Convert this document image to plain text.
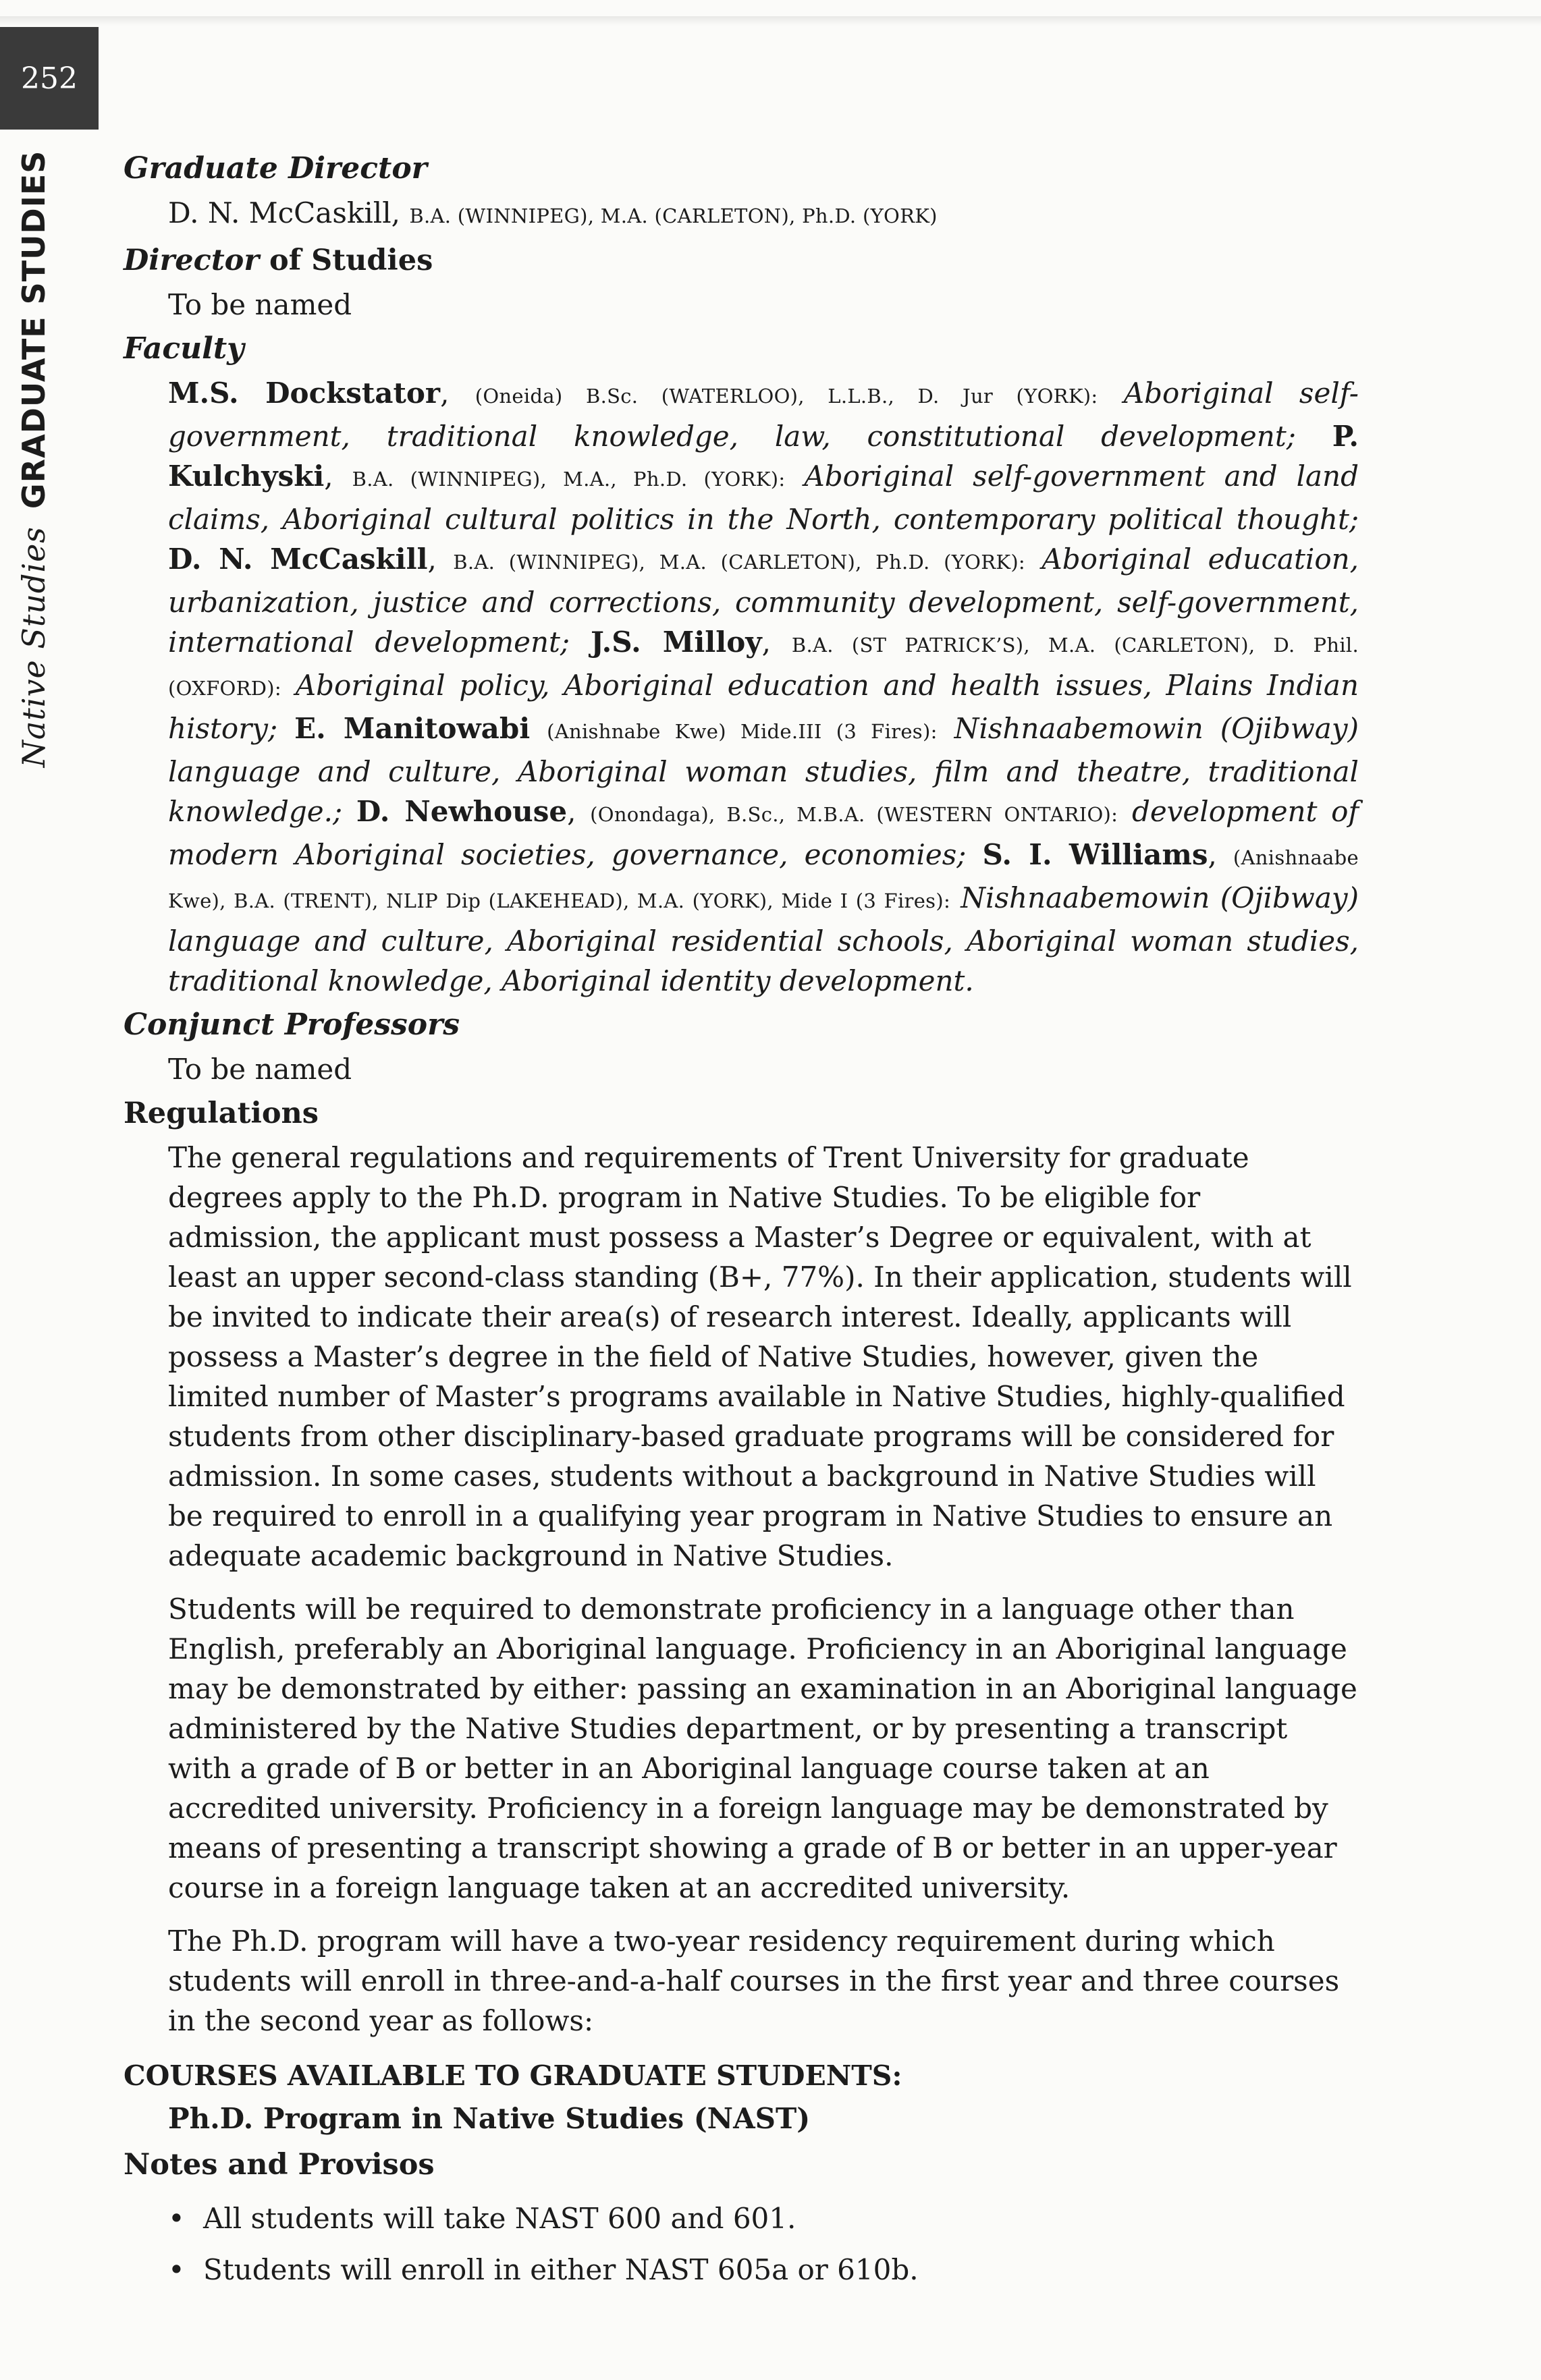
252
Native StudiesGRADUATE STUDIES Graduate Director
D. N. McCaskill, B.A. (WINNIPEG), M.A. (CARLETON), Ph.D. (YORK)
Director of Studies
To be named
Faculty
M.S. Dockstator, (Oneida) B.Sc. (WATERLOO), L.L.B., D. Jur (YORK): Aboriginal self-government, traditional knowledge, law, constitutional development; P. Kulchyski, B.A. (WINNIPEG), M.A., Ph.D. (YORK): Aboriginal self-government and land claims, Aboriginal cultural politics in the North, contemporary political thought; D. N. McCaskill, B.A. (WINNIPEG), M.A. (CARLETON), Ph.D. (YORK): Aboriginal education, urbanization, justice and corrections, community development, self-government, international development; J.S. Milloy, B.A. (ST PATRICK’S), M.A. (CARLETON), D. Phil. (OXFORD): Aboriginal policy, Aboriginal education and health issues, Plains Indian history; E. Manitowabi (Anishnabe Kwe) Mide.III (3 Fires): Nishnaabemowin (Ojibway) language and culture, Aboriginal woman studies, film and theatre, traditional knowledge.; D. Newhouse, (Onondaga), B.Sc., M.B.A. (WESTERN ONTARIO): development of modern Aboriginal societies, governance, economies; S. I. Williams, (Anishnaabe Kwe), B.A. (TRENT), NLIP Dip (LAKEHEAD), M.A. (YORK), Mide I (3 Fires): Nishnaabemowin (Ojibway) language and culture, Aboriginal residential schools, Aboriginal woman studies, traditional knowledge, Aboriginal identity development.
Conjunct Professors
To be named
Regulations

The general regulations and requirements of Trent University for graduate degrees apply to the Ph.D. program in Native Studies. To be eligible for admission, the applicant must possess a Master’s Degree or equivalent, with at least an upper second-class standing (B+, 77%). In their application, students will be invited to indicate their area(s) of research interest. Ideally, applicants will possess a Master’s degree in the field of Native Studies, however, given the limited number of Master’s programs available in Native Studies, highly-qualified students from other disciplinary-based graduate programs will be considered for admission. In some cases, students without a background in Native Studies will be required to enroll in a qualifying year program in Native Studies to ensure an adequate academic background in Native Studies.

Students will be required to demonstrate proficiency in a language other than English, preferably an Aboriginal language. Proficiency in an Aboriginal language may be demonstrated by either: passing an examination in an Aboriginal language administered by the Native Studies department, or by presenting a transcript with a grade of B or better in an Aboriginal language course taken at an accredited university. Proficiency in a foreign language may be demonstrated by means of presenting a transcript showing a grade of B or better in an upper-year course in a foreign language taken at an accredited university.

The Ph.D. program will have a two-year residency requirement during which students will enroll in three-and-a-half courses in the first year and three courses in the second year as follows:

COURSES AVAILABLE TO GRADUATE STUDENTS:
Ph.D. Program in Native Studies (NAST)
Notes and Provisos
• All students will take NAST 600 and 601.
• Students will enroll in either NAST 605a or 610b.
